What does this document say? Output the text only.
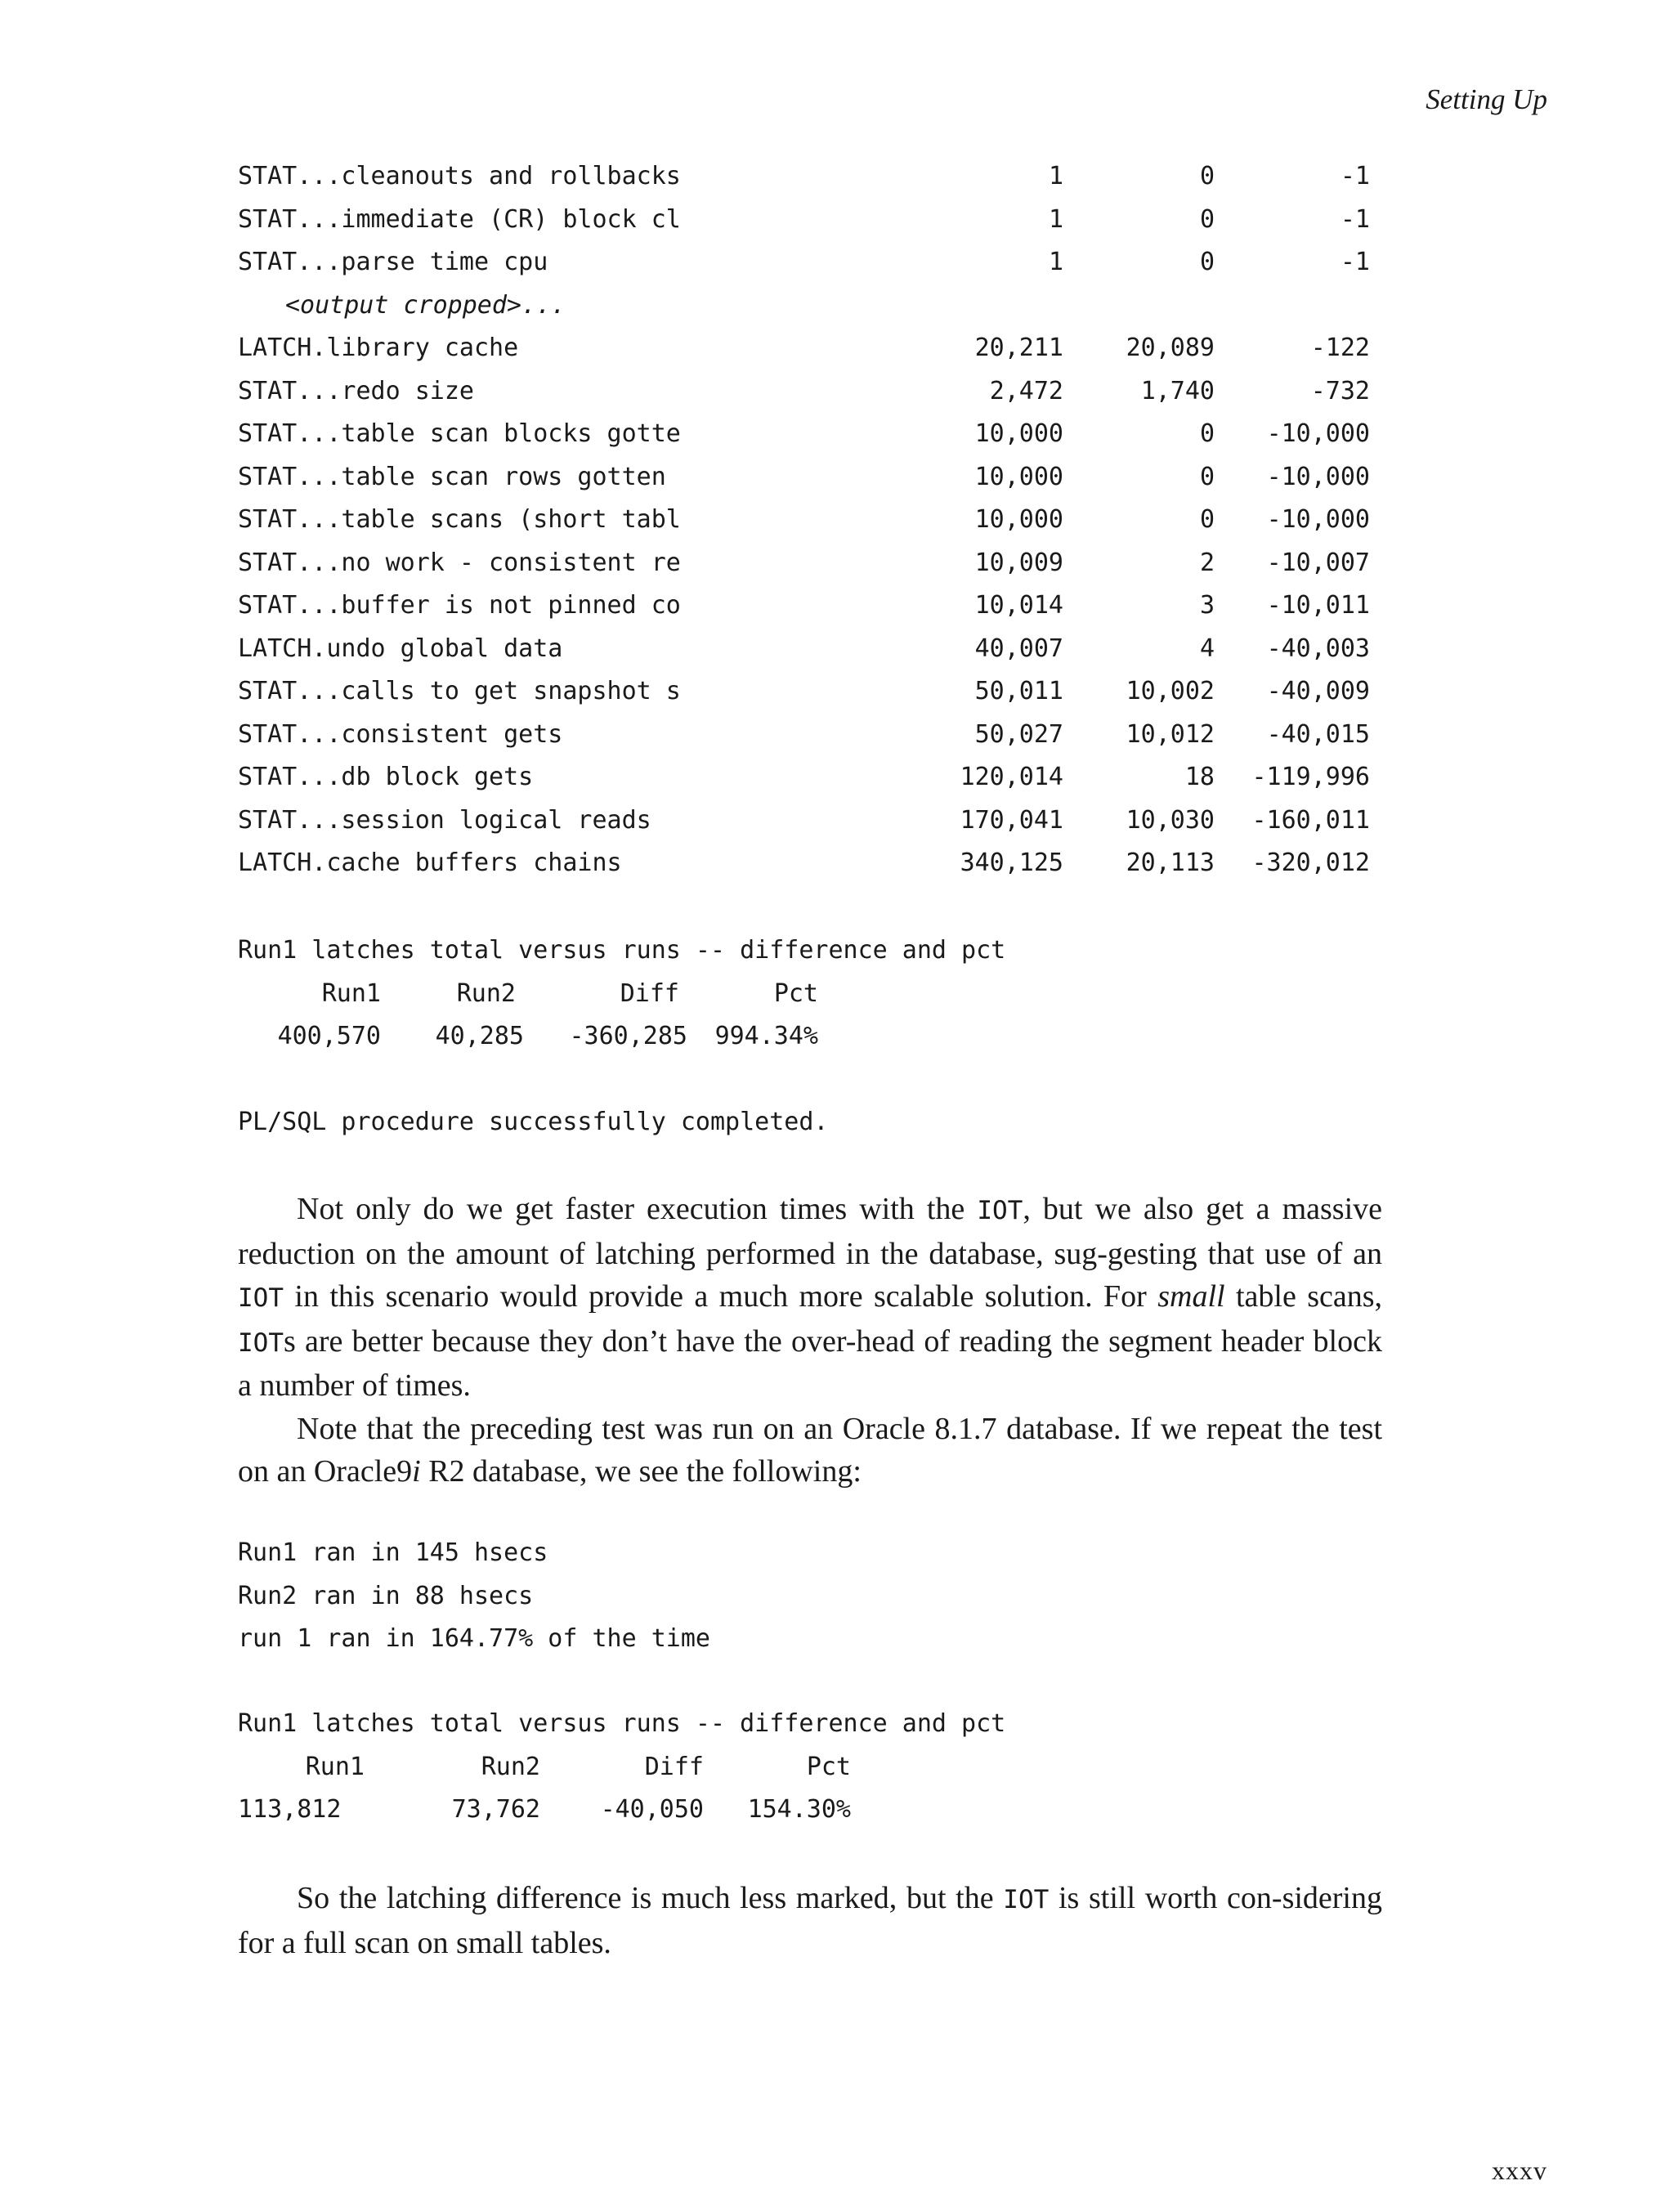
Setting Up
STAT...cleanouts and rollbacks	1	0	-1
STAT...immediate (CR) block cl	1	0	-1
STAT...parse time cpu	1	0	-1
<output cropped>...
LATCH.library cache	20,211	20,089	-122
STAT...redo size	2,472	1,740	-732
STAT...table scan blocks gotte	10,000	0	-10,000
STAT...table scan rows gotten	10,000	0	-10,000
STAT...table scans (short tabl	10,000	0	-10,000
STAT...no work - consistent re	10,009	2	-10,007
STAT...buffer is not pinned co	10,014	3	-10,011
LATCH.undo global data	40,007	4	-40,003
STAT...calls to get snapshot s	50,011	10,002	-40,009
STAT...consistent gets	50,027	10,012	-40,015
STAT...db block gets	120,014	18	-119,996
STAT...session logical reads	170,041	10,030	-160,011
LATCH.cache buffers chains	340,125	20,113	-320,012
Run1 latches total versus runs -- difference and pct
Run1	Run2	Diff	Pct
400,570	40,285	-360,285	994.34%
PL/SQL procedure successfully completed.

Not only do we get faster execution times with the IOT, but we also get a massive reduction on the amount of latching performed in the database, sug-gesting that use of an IOT in this scenario would provide a much more scalable solution. For small table scans, IOTs are better because they don’t have the over-head of reading the segment header block a number of times.

Note that the preceding test was run on an Oracle 8.1.7 database. If we repeat the test on an Oracle9i R2 database, we see the following:

Run1 ran in 145 hsecs
Run2 ran in 88 hsecs
run 1 ran in 164.77% of the time
Run1 latches total versus runs -- difference and pct
Run1	Run2	Diff	Pct
113,812	73,762	-40,050	154.30%

So the latching difference is much less marked, but the IOT is still worth con-sidering for a full scan on small tables.

xxxv
